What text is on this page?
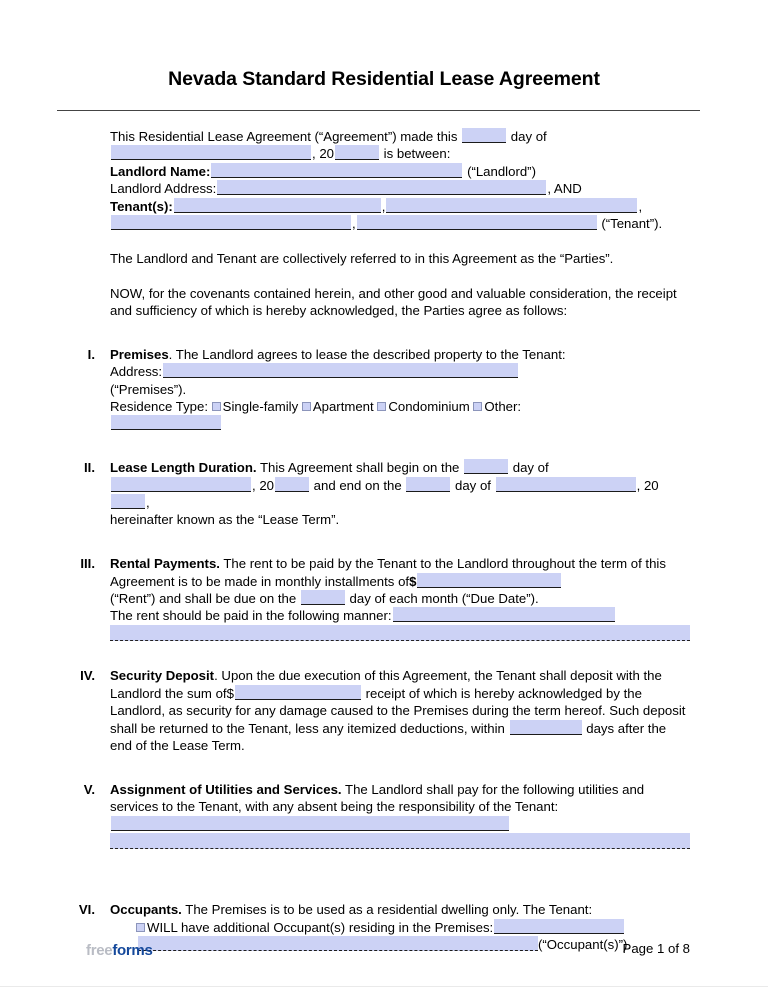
Nevada Standard Residential Lease Agreement
This Residential Lease Agreement (“Agreement”) made this	day of
, 20	is between:
Landlord Name:	(“Landlord”)
Landlord Address:	, AND
Tenant(s):	,	,
,	(“Tenant”).
The Landlord and Tenant are collectively referred to in this Agreement as the “Parties”.
NOW, for the covenants contained herein, and other good and valuable consideration, the receipt and sufficiency of which is hereby acknowledged, the Parties agree as follows:
I. Premises. The Landlord agrees to lease the described property to the Tenant:
Address:
(“Premises”).
Residence Type: Single-family Apartment Condominium Other:

II. Lease Length Duration. This Agreement shall begin on the	day of
, 20	and end on the	day of	, 20,
hereinafter known as the “Lease Term”.
III. Rental Payments. The rent to be paid by the Tenant to the Landlord throughout the term of this Agreement is to be made in monthly installments of$
(“Rent”) and shall be due on the	day of each month (“Due Date”).
The rent should be paid in the following manner:

IV. Security Deposit. Upon the due execution of this Agreement, the Tenant shall deposit with the Landlord the sum of$	receipt of which is hereby acknowledged by the Landlord, as security for any damage caused to the Premises during the term hereof. Such deposit shall be returned to the Tenant, less any itemized deductions, within	days after the end of the Lease Term.
V. Assignment of Utilities and Services. The Landlord shall pay for the following utilities and services to the Tenant, with any absent being the responsibility of the Tenant:

VI. Occupants. The Premises is to be used as a residential dwelling only. The Tenant:
WILL have additional Occupant(s) residing in the Premises:
(“Occupant(s)”).
freeforms	Page 1 of 8
